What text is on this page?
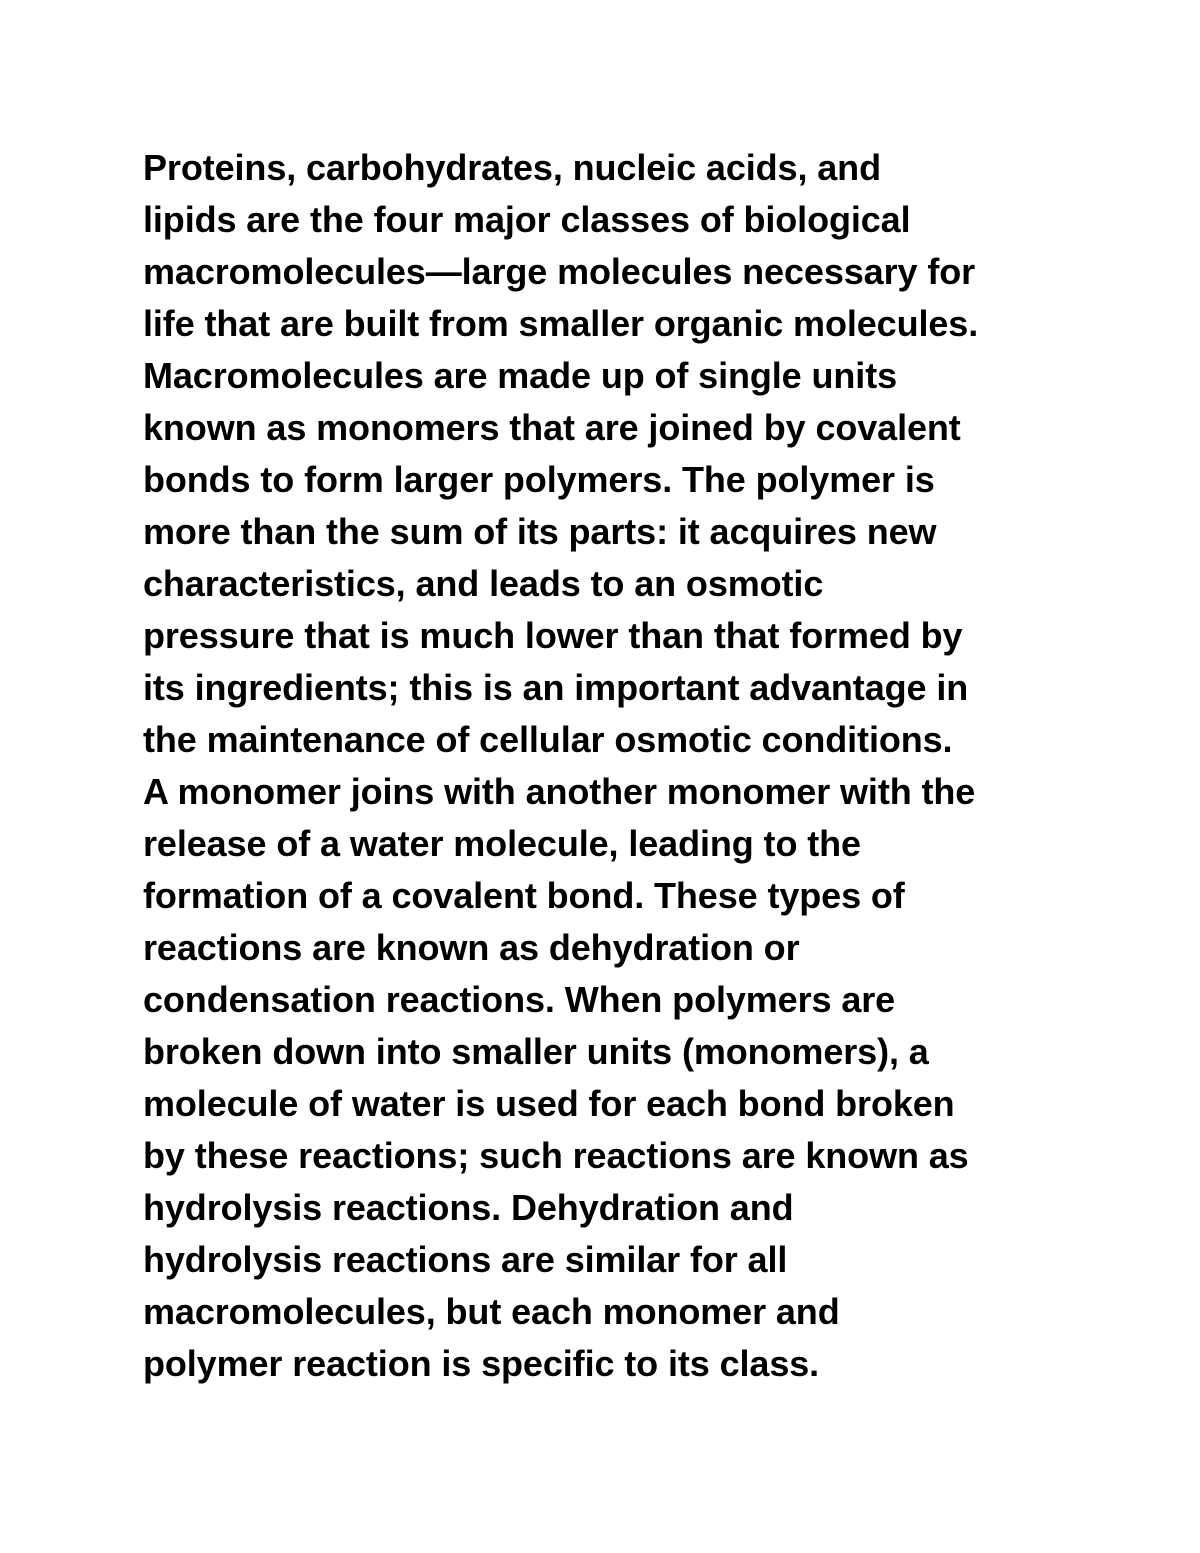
Proteins, carbohydrates, nucleic acids, and
lipids are the four major classes of biological
macromolecules—large molecules necessary for
life that are built from smaller organic molecules.
Macromolecules are made up of single units
known as monomers that are joined by covalent
bonds to form larger polymers. The polymer is
more than the sum of its parts: it acquires new
characteristics, and leads to an osmotic
pressure that is much lower than that formed by
its ingredients; this is an important advantage in
the maintenance of cellular osmotic conditions.
A monomer joins with another monomer with the
release of a water molecule, leading to the
formation of a covalent bond. These types of
reactions are known as dehydration or
condensation reactions. When polymers are
broken down into smaller units (monomers), a
molecule of water is used for each bond broken
by these reactions; such reactions are known as
hydrolysis reactions. Dehydration and
hydrolysis reactions are similar for all
macromolecules, but each monomer and
polymer reaction is specific to its class.
